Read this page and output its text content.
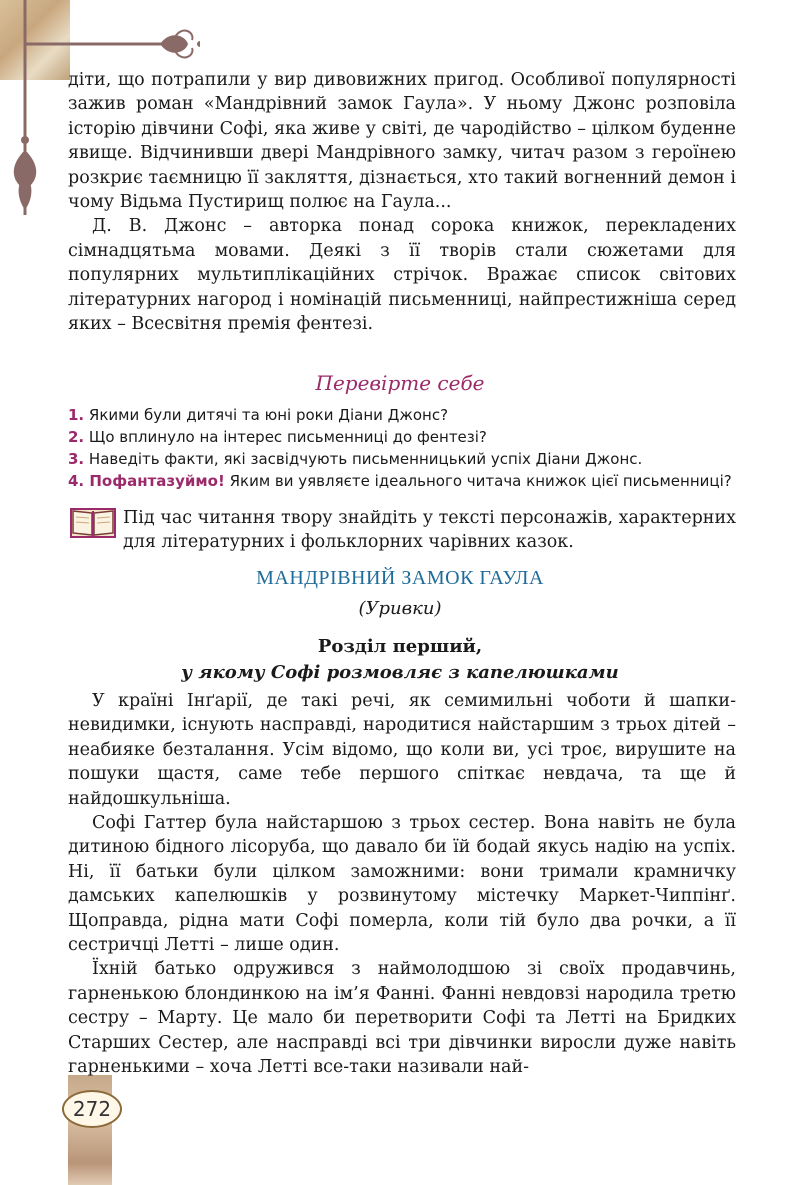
діти, що потрапили у вир дивовижних пригод. Особливої популярності зажив роман «Мандрівний замок Гаула». У ньому Джонс розповіла історію дівчини Софі, яка живе у світі, де чародійство – цілком буденне явище. Відчинивши двері Мандрівного замку, читач разом з героїнею розкриє таємницю її закляття, дізнається, хто такий вогненний демон і чому Відьма Пустирищ полює на Гаула...

Д. В. Джонс – авторка понад сорока книжок, перекладених сімнадцятьма мовами. Деякі з її творів стали сюжетами для популярних мультиплікаційних стрічок. Вражає список світових літературних нагород і номінацій письменниці, найпрестижніша серед яких – Всесвітня премія фентезі.

Перевірте себе

1. Якими були дитячі та юні роки Діани Джонс?

2. Що вплинуло на інтерес письменниці до фентезі?

3. Наведіть факти, які засвідчують письменницький успіх Діани Джонс.

4. Пофантазуймо! Яким ви уявляєте ідеального читача книжок цієї письменниці?

Під час читання твору знайдіть у тексті персонажів, характерних для літературних і фольклорних чарівних казок.
МАНДРІВНИЙ ЗАМОК ГАУЛА
(Уривки)
Розділ перший,
у якому Софі розмовляє з капелюшками

У країні Інґарії, де такі речі, як семимильні чоботи й шапки-невидимки, існують насправді, народитися найстаршим з трьох дітей – неабияке безталання. Усім відомо, що коли ви, усі троє, вирушите на пошуки щастя, саме тебе першого спіткає невдача, та ще й найдошкульніша.

Софі Гаттер була найстаршою з трьох сестер. Вона навіть не була дитиною бідного лісоруба, що давало би їй бодай якусь надію на успіх. Ні, її батьки були цілком заможними: вони тримали крамничку дамських капелюшків у розвинутому містечку Маркет-Чиппінґ. Щоправда, рідна мати Софі померла, коли тій було два рочки, а її сестричці Летті – лише один.

Їхній батько одружився з наймолодшою зі своїх продавчинь, гарненькою блондинкою на ім’я Фанні. Фанні невдовзі народила третю сестру – Марту. Це мало би перетворити Софі та Летті на Бридких Старших Сестер, але насправді всі три дівчинки виросли дуже навіть гарненькими – хоча Летті все-таки називали най-

272
